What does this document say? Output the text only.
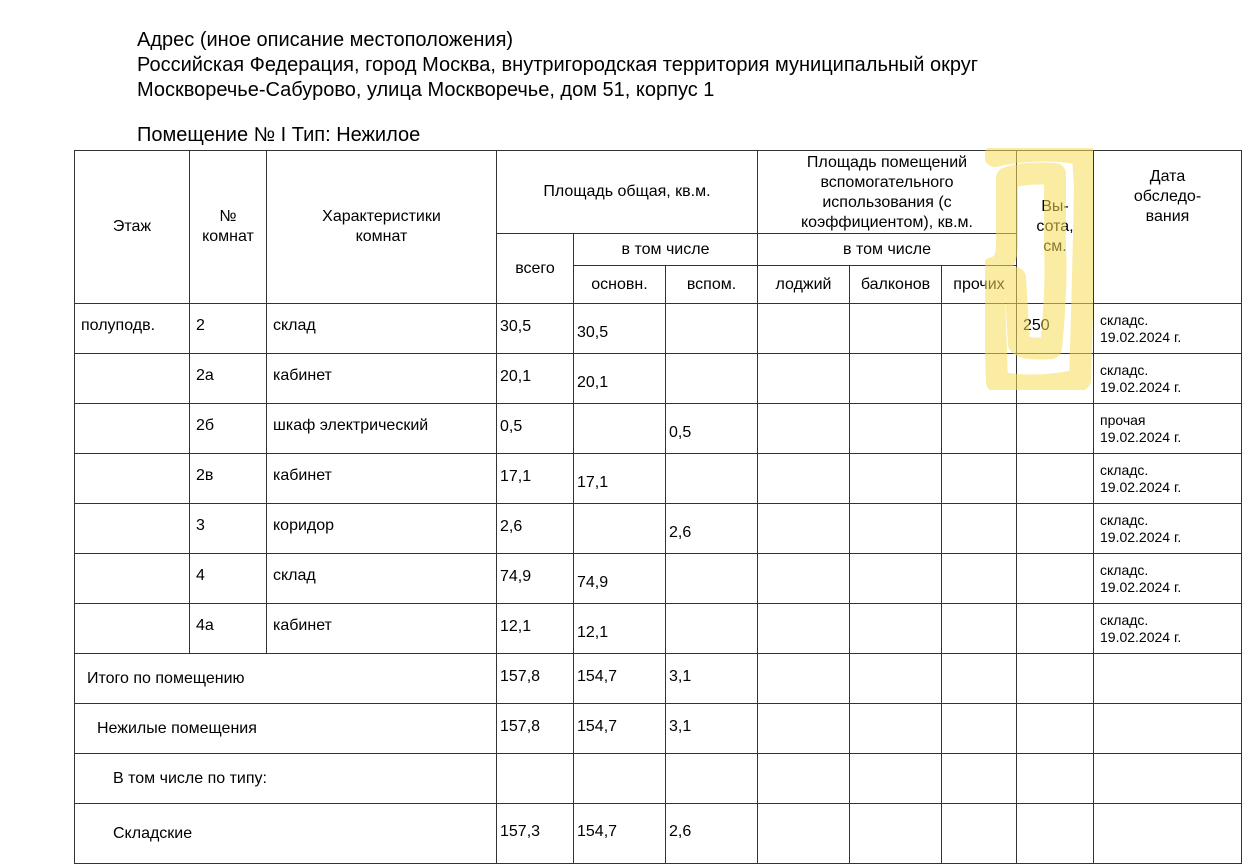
Адрес (иное описание местоположения)
Российская Федерация, город Москва, внутригородская территория муниципальный округ
Москворечье-Сабурово, улица Москворечье, дом 51, корпус 1
Помещение № I Тип: Нежилое
Этаж	№ комнат	Характеристики комнат	Площадь общая, кв.м.			Площадь помещений вспомогательного использования (с коэффициентом), кв.м.			Вы-сота, см.	Дата обследо-вания

			всего	в том числе		в том числе				
				основн.	вспом.	лоджий	балконов	прочих		
полуподв.	2	склад	30,5	30,5					250	складс.
19.02.2024 г.

	2а	кабинет	20,1	20,1						складс.
19.02.2024 г.

	2б	шкаф электрический	0,5		0,5					прочая
19.02.2024 г.

	2в	кабинет	17,1	17,1						складс.
19.02.2024 г.

	3	коридор	2,6		2,6					складс.
19.02.2024 г.

	4	склад	74,9	74,9						складс.
19.02.2024 г.

	4а	кабинет	12,1	12,1						складс.
19.02.2024 г.

Итого по помещению			157,8	154,7	3,1					
Нежилые помещения			157,8	154,7	3,1					
В том числе по типу:										
Складские			157,3	154,7	2,6					
